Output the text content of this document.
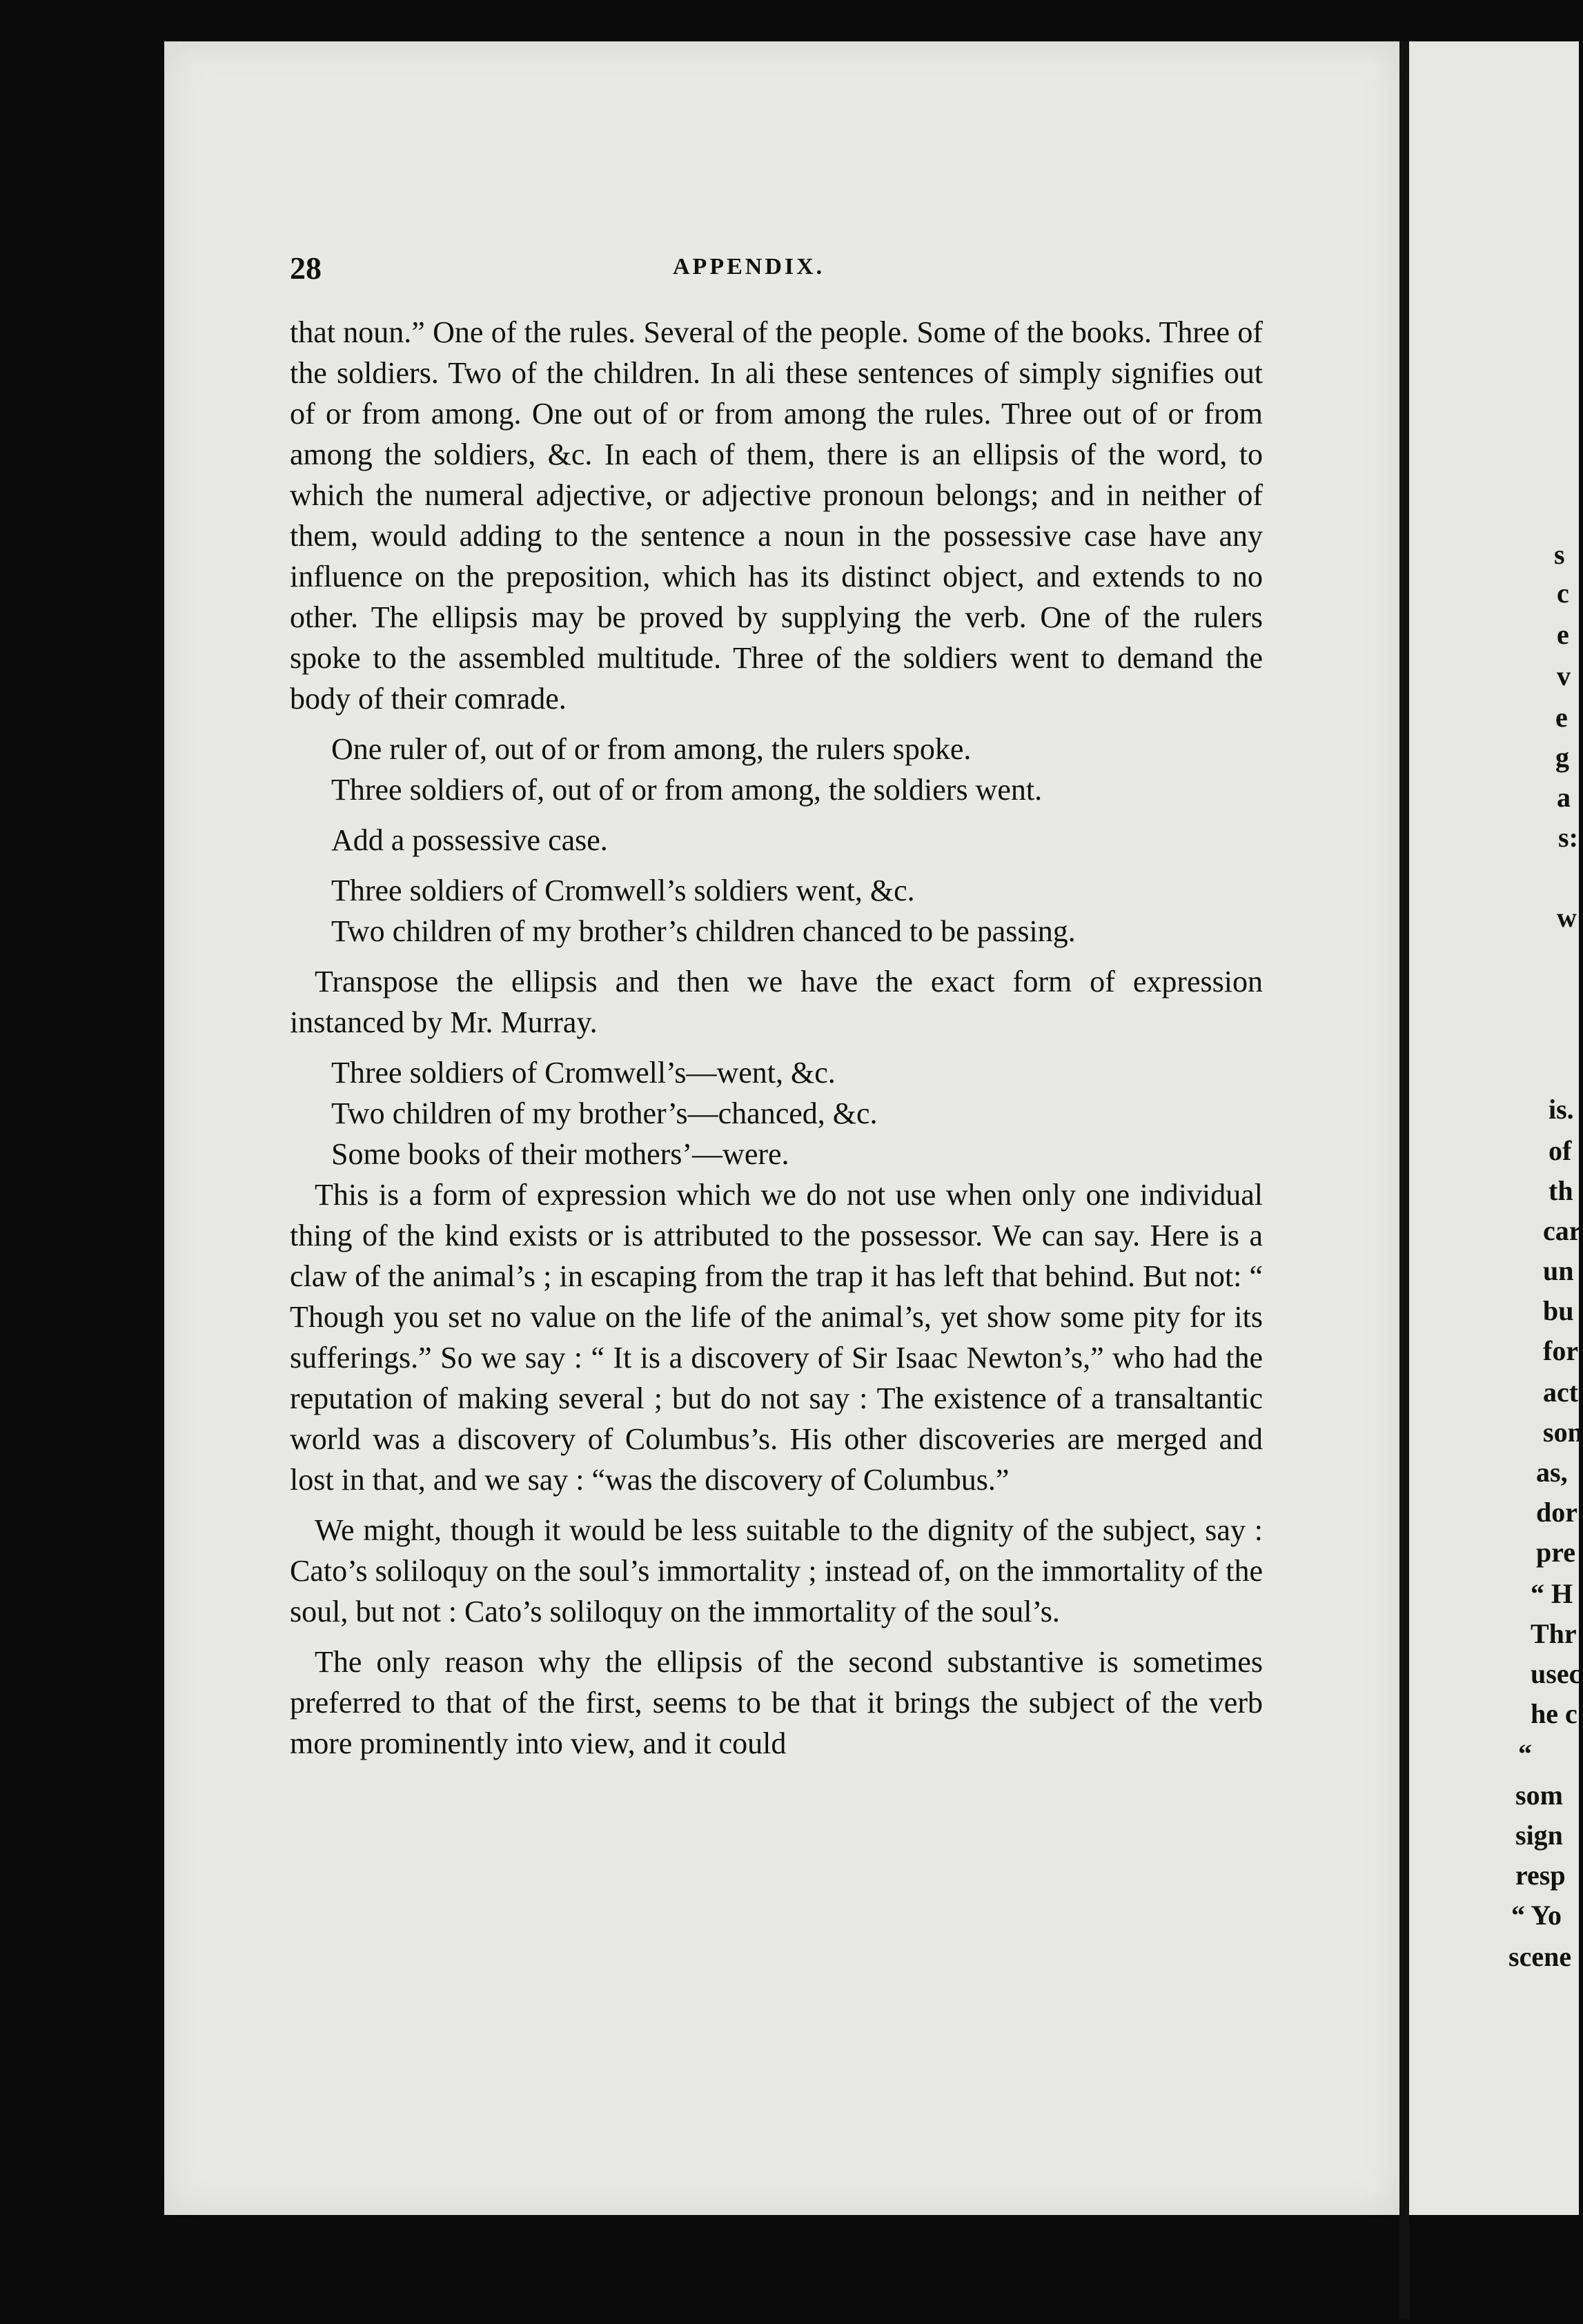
28	APPENDIX.

that noun.” One of the rules. Several of the people. Some of the books. Three of the soldiers. Two of the children. In ali these sentences of simply signifies out of or from among. One out of or from among the rules. Three out of or from among the soldiers, &c. In each of them, there is an ellipsis of the word, to which the numeral adjective, or adjective pronoun belongs; and in neither of them, would adding to the sentence a noun in the possessive case have any influence on the preposition, which has its distinct object, and extends to no other. The ellipsis may be proved by supplying the verb. One of the rulers spoke to the assembled multitude. Three of the soldiers went to demand the body of their comrade.

One ruler of, out of or from among, the rulers spoke.

Three soldiers of, out of or from among, the soldiers went.

Add a possessive case.

Three soldiers of Cromwell’s soldiers went, &c.

Two children of my brother’s children chanced to be passing.

Transpose the ellipsis and then we have the exact form of expression instanced by Mr. Murray.

Three soldiers of Cromwell’s—went, &c.

Two children of my brother’s—chanced, &c.

Some books of their mothers’—were.

This is a form of expression which we do not use when only one individual thing of the kind exists or is attributed to the possessor. We can say. Here is a claw of the animal’s ; in escaping from the trap it has left that behind. But not: “ Though you set no value on the life of the animal’s, yet show some pity for its sufferings.” So we say : “ It is a discovery of Sir Isaac Newton’s,” who had the reputation of making several ; but do not say : The existence of a transaltantic world was a discovery of Columbus’s. His other discoveries are merged and lost in that, and we say : “was the discovery of Columbus.”

We might, though it would be less suitable to the dignity of the subject, say : Cato’s soliloquy on the soul’s immortality ; instead of, on the immortality of the soul, but not : Cato’s soliloquy on the immortality of the soul’s.

The only reason why the ellipsis of the second substantive is sometimes preferred to that of the first, seems to be that it brings the subject of the verb more prominently into view, and it could

s
c
e
v
e
g
a
s:
w
is.
of
th
car
un
bu
for
act
son
as,
dor
pre
“ H
Thr
usec
he c
“
som
sign
resp
“ Yo
scene
